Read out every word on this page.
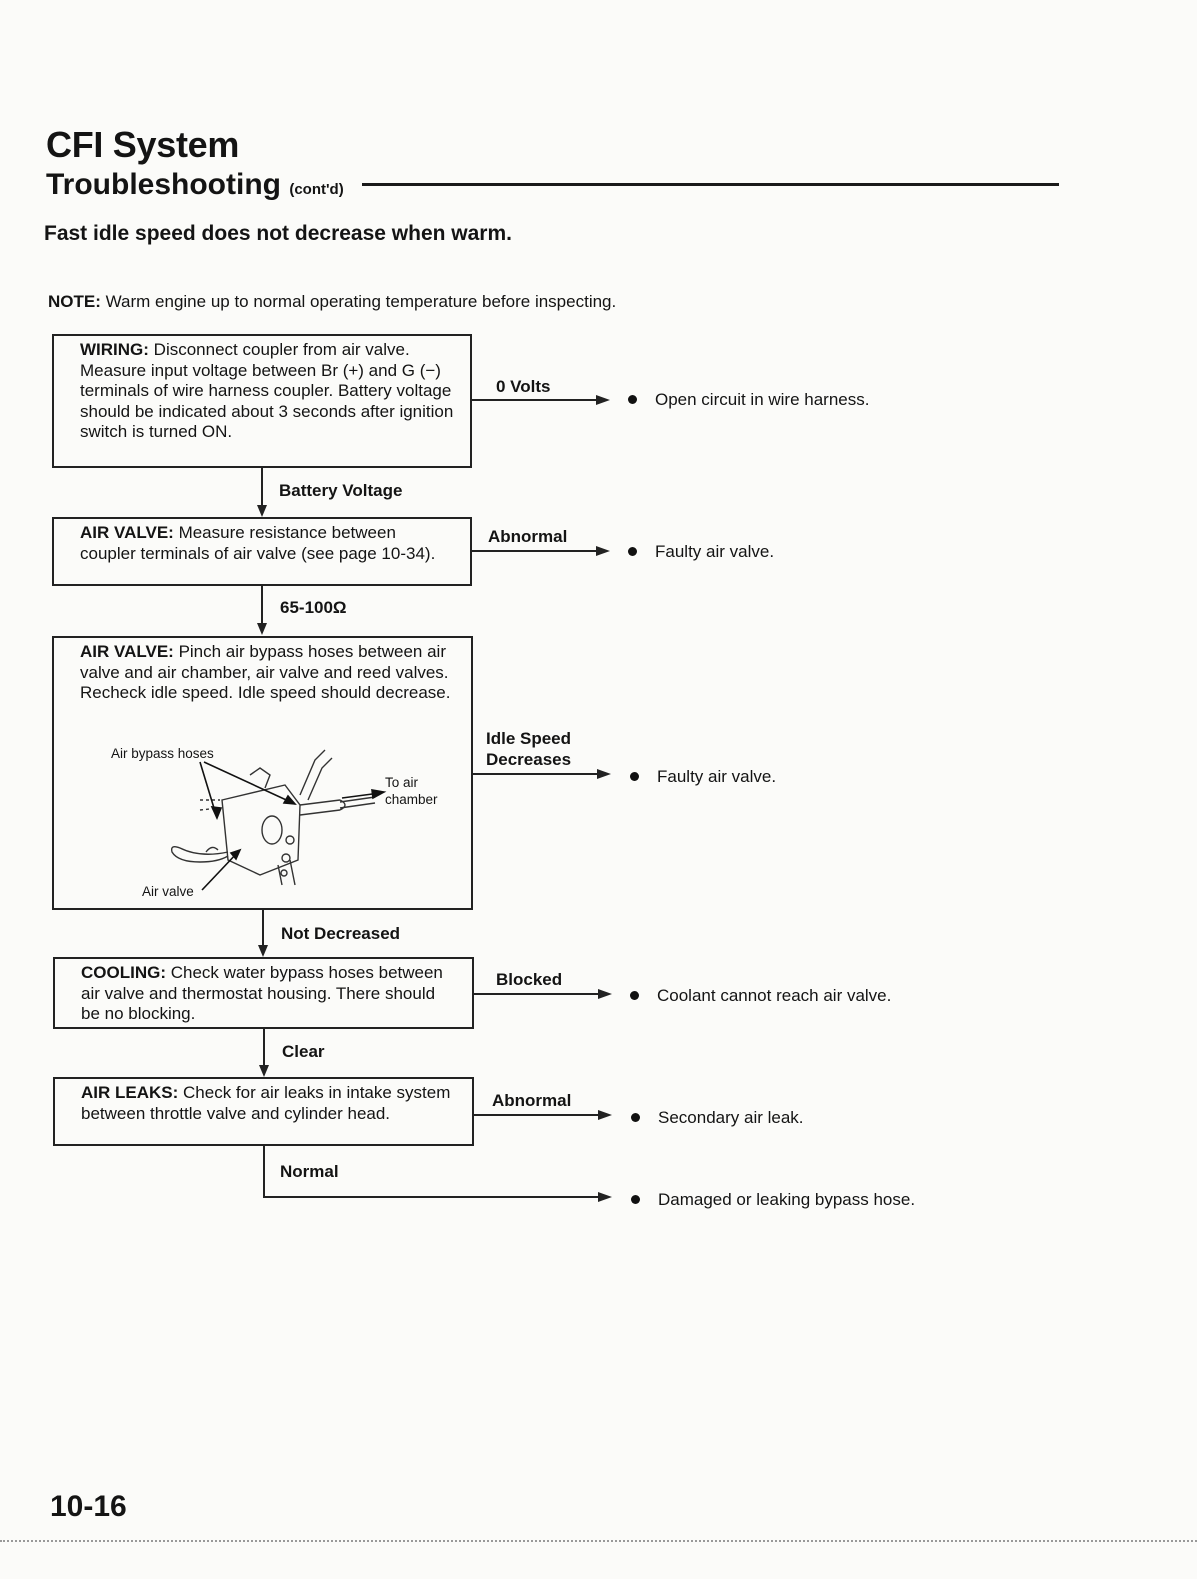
CFI System
Troubleshooting (cont'd)
Fast idle speed does not decrease when warm.
NOTE: Warm engine up to normal operating temperature before inspecting.
WIRING: Disconnect coupler from air valve. Measure input voltage between Br (+) and G (−) terminals of wire harness coupler. Battery voltage should be indicated about 3 seconds after ignition switch is turned ON.
0 Volts
Open circuit in wire harness.
Battery Voltage
AIR VALVE: Measure resistance between coupler terminals of air valve (see page 10-34).
Abnormal
Faulty air valve.
65-100Ω
AIR VALVE: Pinch air bypass hoses between air valve and air chamber, air valve and reed valves. Recheck idle speed. Idle speed should decrease.
Air bypass hoses
To air
chamber
Air valve
Idle Speed
Decreases
Faulty air valve.
Not Decreased
COOLING: Check water bypass hoses between air valve and thermostat housing. There should be no blocking.
Blocked
Coolant cannot reach air valve.
Clear
AIR LEAKS: Check for air leaks in intake system between throttle valve and cylinder head.
Abnormal
Secondary air leak.
Normal
Damaged or leaking bypass hose.
10-16
